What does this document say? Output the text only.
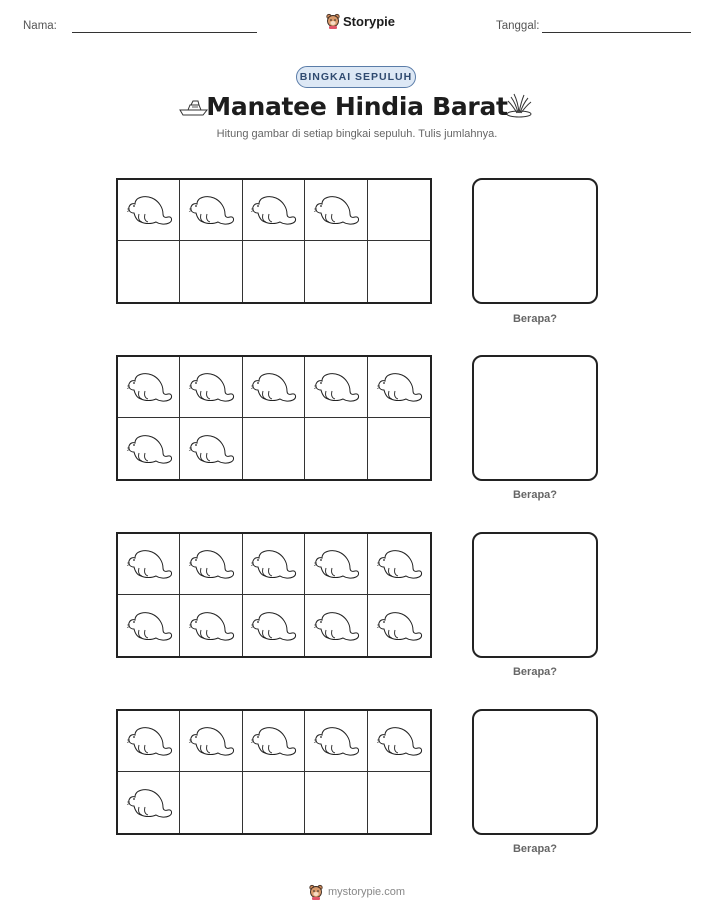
Nama:	Storypie	Tanggal:
BINGKAI SEPULUH
Manatee Hindia Barat
Hitung gambar di setiap bingkai sepuluh. Tulis jumlahnya.
Berapa?
Berapa?
Berapa?
Berapa?
mystorypie.com
